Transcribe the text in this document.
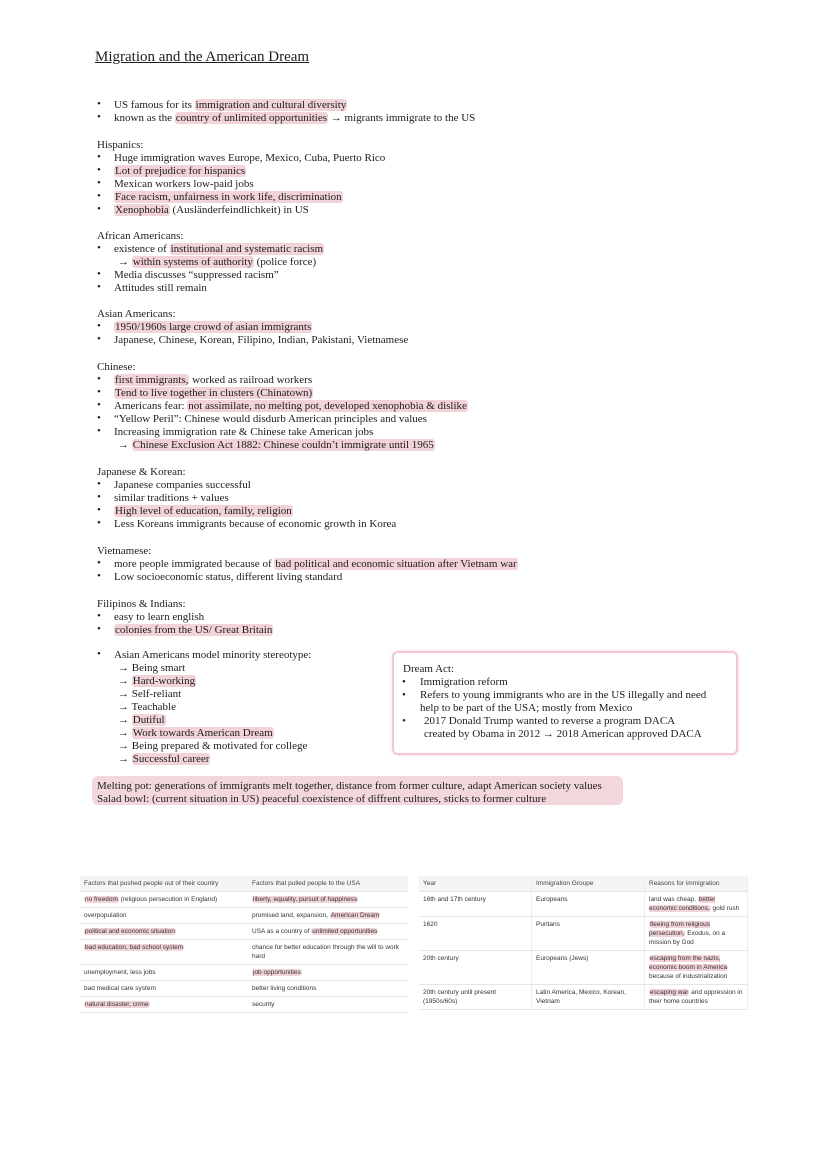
Migration and the American Dream
• US famous for its immigration and cultural diversity
• known as the country of unlimited opportunities → migrants immigrate to the US
Hispanics:
• Huge immigration waves Europe, Mexico, Cuba, Puerto Rico
• Lot of prejudice for hispanics
• Mexican workers low-paid jobs
• Face racism, unfairness in work life, discrimination
• Xenophobia (Ausländerfeindlichkeit) in US
African Americans:
• existence of institutional and systematic racism
→ within systems of authority (police force)
• Media discusses “suppressed racism”
• Attitudes still remain
Asian Americans:
• 1950/1960s large crowd of asian immigrants
• Japanese, Chinese, Korean, Filipino, Indian, Pakistani, Vietnamese
Chinese:
• first immigrants, worked as railroad workers
• Tend to live together in clusters (Chinatown)
• Americans fear: not assimilate, no melting pot, developed xenophobia & dislike
• “Yellow Peril”: Chinese would disdurb American principles and values
• Increasing immigration rate & Chinese take American jobs
→ Chinese Exclusion Act 1882: Chinese couldn’t immigrate until 1965
Japanese & Korean:
• Japanese companies successful
• similar traditions + values
• High level of education, family, religion
• Less Koreans immigrants because of economic growth in Korea
Vietnamese:
• more people immigrated because of bad political and economic situation after Vietnam war
• Low socioeconomic status, different living standard
Filipinos & Indians:
• easy to learn english
• colonies from the US/ Great Britain
• Asian Americans model minority stereotype:
→ Being smart
→ Hard-working
→ Self-reliant
→ Teachable
→ Dutiful
→ Work towards American Dream
→ Being prepared & motivated for college
→ Successful career
Dream Act:
• Immigration reform
• Refers to young immigrants who are in the US illegally and need
help to be part of the USA; mostly from Mexico
• 2017 Donald Trump wanted to reverse a program DACA
created by Obama in 2012 → 2018 American approved DACA
Melting pot: generations of immigrants melt together, distance from former culture, adapt American society values
Salad bowl: (current situation in US) peaceful coexistence of diffrent cultures, sticks to former culture
Factors that pushed people out of their country	Factors that pulled people to the USA
no freedom (religious persecution in England)	liberty, equality, pursuit of happiness
overpopulation	promised land, expansion, American Dream
political and economic situation	USA as a country of unlimited opportunities
bad education, bad school system	chance for better education through the will to work hard
unemployment, less jobs	job opportunities
bad medical care system	better living conditions
natural disaster, crime	security
Year	Immigration Groupe	Reasons for immigration
16th and 17th century	Europeans	land was cheap, better economic conditions, gold rush
1620	Puritans	fleeing from religious persecution, Exodus, on a mission by God
20th century	Europeans (Jews)	escaping from the nazis, economic boom in America because of industrialization
20th century until present (1950s/60s)	Latin America, Mexico, Korean, Vietnam	escaping war and oppression in their home countries
